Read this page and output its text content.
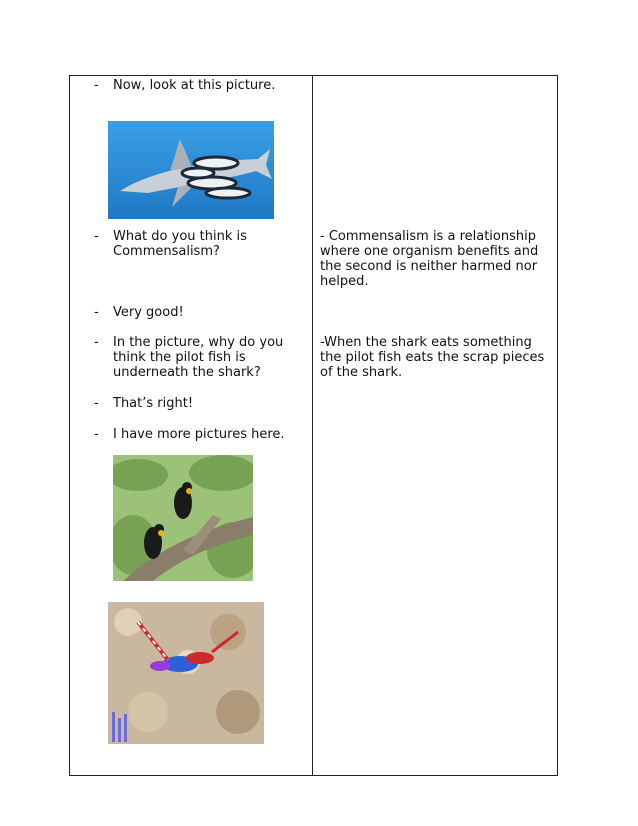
- Now, look at this picture.
- What do you think is Commensalism?
- Commensalism is a relationship where one organism benefits and the second is neither harmed nor helped.
- Very good!
- In the picture, why do you think the pilot fish is underneath the shark?
-When the shark eats something the pilot fish eats the scrap pieces of the shark.
- That’s right!
- I have more pictures here.
